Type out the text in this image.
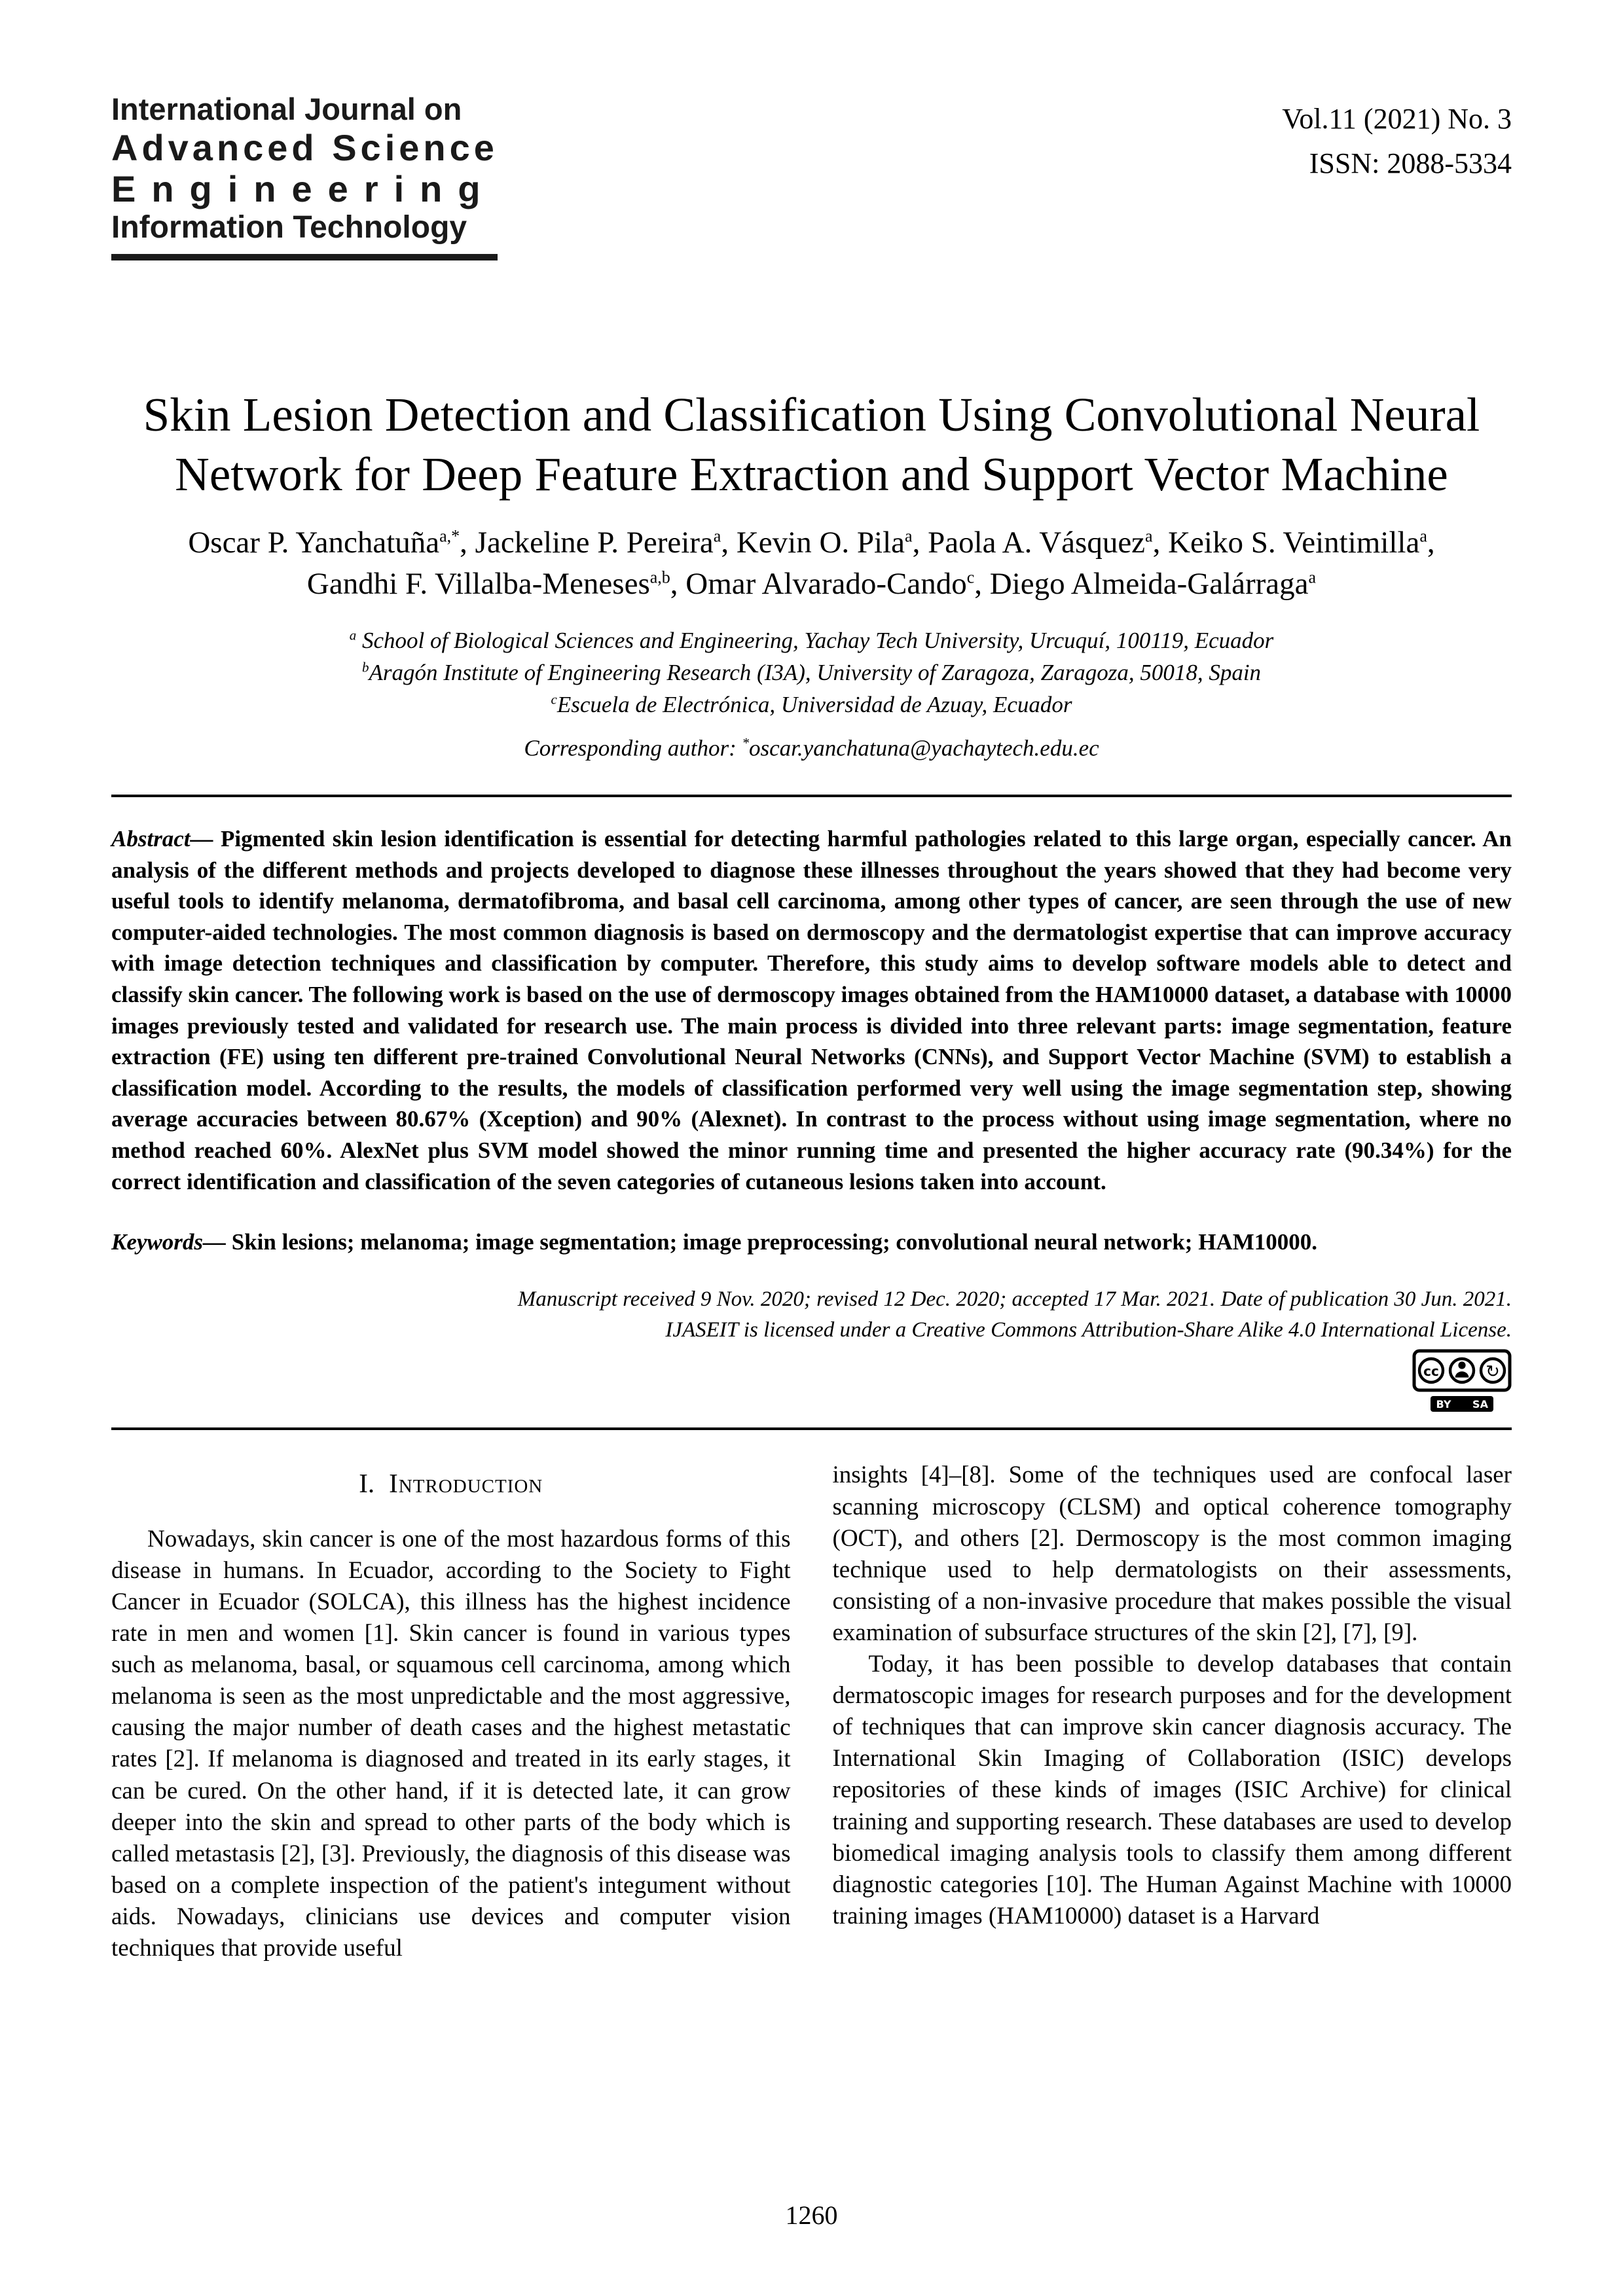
International Journal on
Advanced Science
Engineering
Information Technology
Vol.11 (2021) No. 3
ISSN: 2088-5334
Skin Lesion Detection and Classification Using Convolutional Neural Network for Deep Feature Extraction and Support Vector Machine
Oscar P. Yanchatuña$^{a,*}$, Jackeline P. Pereira$^a$, Kevin O. Pila$^a$, Paola A. Vásquez$^a$, Keiko S. Veintimilla$^a$,
Gandhi F. Villalba-Meneses$^{a,b}$, Omar Alvarado-Cando$^c$, Diego Almeida-Galárraga$^a$
$^a$ School of Biological Sciences and Engineering, Yachay Tech University, Urcuquí, 100119, Ecuador
$^b$Aragón Institute of Engineering Research (I3A), University of Zaragoza, Zaragoza, 50018, Spain
$^c$Escuela de Electrónica, Universidad de Azuay, Ecuador
Corresponding author: *oscar.yanchatuna@yachaytech.edu.ec

Abstract— Pigmented skin lesion identification is essential for detecting harmful pathologies related to this large organ, especially cancer. An analysis of the different methods and projects developed to diagnose these illnesses throughout the years showed that they had become very useful tools to identify melanoma, dermatofibroma, and basal cell carcinoma, among other types of cancer, are seen through the use of new computer-aided technologies. The most common diagnosis is based on dermoscopy and the dermatologist expertise that can improve accuracy with image detection techniques and classification by computer. Therefore, this study aims to develop software models able to detect and classify skin cancer. The following work is based on the use of dermoscopy images obtained from the HAM10000 dataset, a database with 10000 images previously tested and validated for research use. The main process is divided into three relevant parts: image segmentation, feature extraction (FE) using ten different pre-trained Convolutional Neural Networks (CNNs), and Support Vector Machine (SVM) to establish a classification model. According to the results, the models of classification performed very well using the image segmentation step, showing average accuracies between 80.67% (Xception) and 90% (Alexnet). In contrast to the process without using image segmentation, where no method reached 60%. AlexNet plus SVM model showed the minor running time and presented the higher accuracy rate (90.34%) for the correct identification and classification of the seven categories of cutaneous lesions taken into account.

Keywords— Skin lesions; melanoma; image segmentation; image preprocessing; convolutional neural network; HAM10000.

Manuscript received 9 Nov. 2020; revised 12 Dec. 2020; accepted 17 Mar. 2021. Date of publication 30 Jun. 2021.
IJASEIT is licensed under a Creative Commons Attribution-Share Alike 4.0 International License.
cc	↻
BY	SA
I. Introduction

Nowadays, skin cancer is one of the most hazardous forms of this disease in humans. In Ecuador, according to the Society to Fight Cancer in Ecuador (SOLCA), this illness has the highest incidence rate in men and women [1]. Skin cancer is found in various types such as melanoma, basal, or squamous cell carcinoma, among which melanoma is seen as the most unpredictable and the most aggressive, causing the major number of death cases and the highest metastatic rates [2]. If melanoma is diagnosed and treated in its early stages, it can be cured. On the other hand, if it is detected late, it can grow deeper into the skin and spread to other parts of the body which is called metastasis [2], [3]. Previously, the diagnosis of this disease was based on a complete inspection of the patient's integument without aids. Nowadays, clinicians use devices and computer vision techniques that provide useful

insights [4]–[8]. Some of the techniques used are confocal laser scanning microscopy (CLSM) and optical coherence tomography (OCT), and others [2]. Dermoscopy is the most common imaging technique used to help dermatologists on their assessments, consisting of a non-invasive procedure that makes possible the visual examination of subsurface structures of the skin [2], [7], [9].

Today, it has been possible to develop databases that contain dermatoscopic images for research purposes and for the development of techniques that can improve skin cancer diagnosis accuracy. The International Skin Imaging of Collaboration (ISIC) develops repositories of these kinds of images (ISIC Archive) for clinical training and supporting research. These databases are used to develop biomedical imaging analysis tools to classify them among different diagnostic categories [10]. The Human Against Machine with 10000 training images (HAM10000) dataset is a Harvard

1260
